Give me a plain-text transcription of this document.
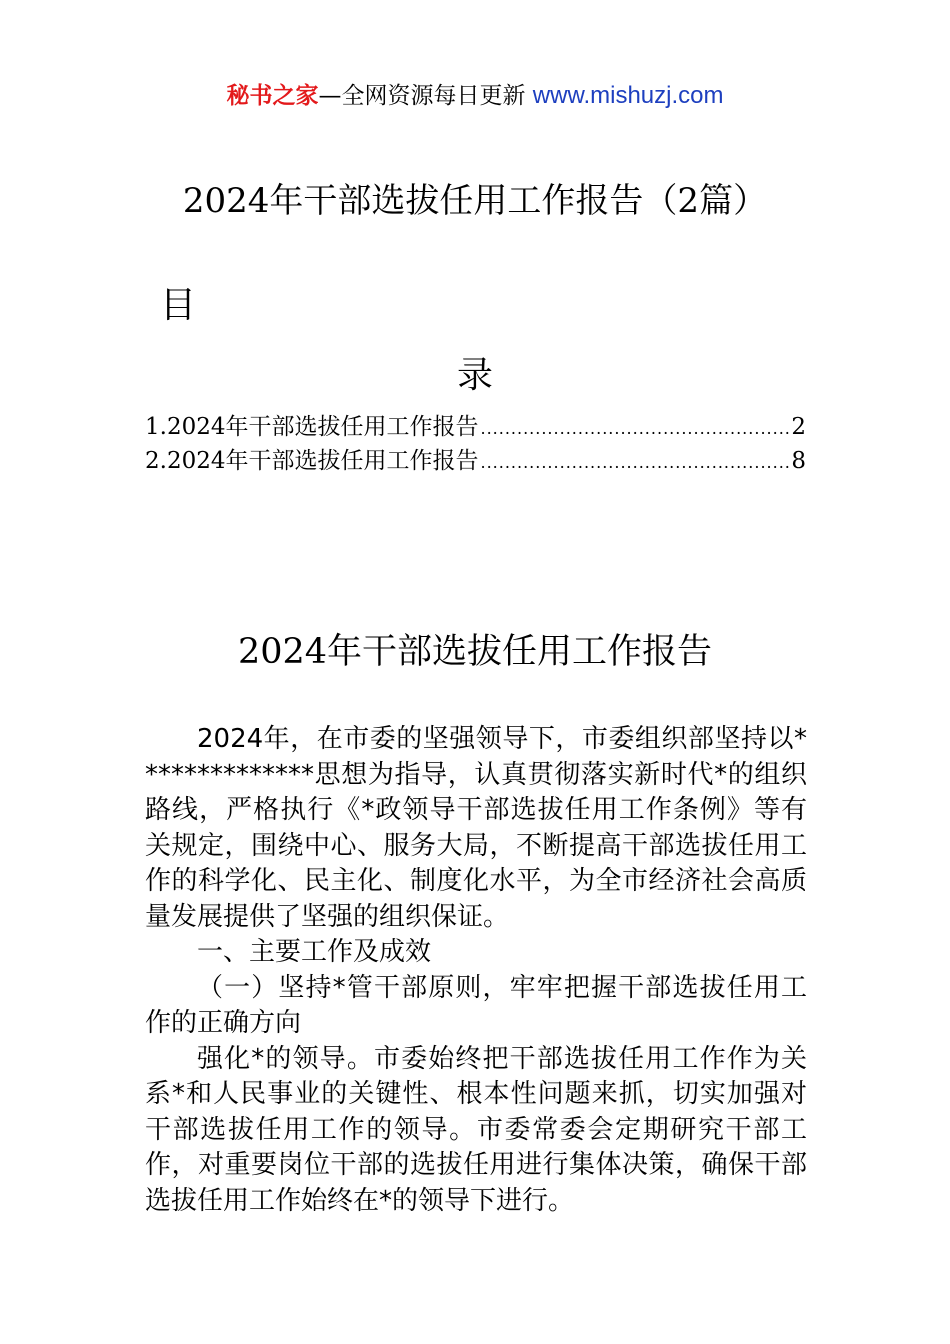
秘书之家—全网资源每日更新 www.mishuzj.com
2024年干部选拔任用工作报告（2篇）
目
录
1.2024年干部选拔任用工作报告 .....	2
2.2024年干部选拔任用工作报告 .....	8
2024年干部选拔任用工作报告

2024年，在市委的坚强领导下，市委组织部坚持以**************思想为指导，认真贯彻落实新时代*的组织路线，严格执行《*政领导干部选拔任用工作条例》等有关规定，围绕中心、服务大局，不断提高干部选拔任用工作的科学化、民主化、制度化水平，为全市经济社会高质量发展提供了坚强的组织保证。

一、主要工作及成效

（一）坚持*管干部原则，牢牢把握干部选拔任用工作的正确方向

强化*的领导。市委始终把干部选拔任用工作作为关系*和人民事业的关键性、根本性问题来抓，切实加强对干部选拔任用工作的领导。市委常委会定期研究干部工作，对重要岗位干部的选拔任用进行集体决策，确保干部选拔任用工作始终在*的领导下进行。
